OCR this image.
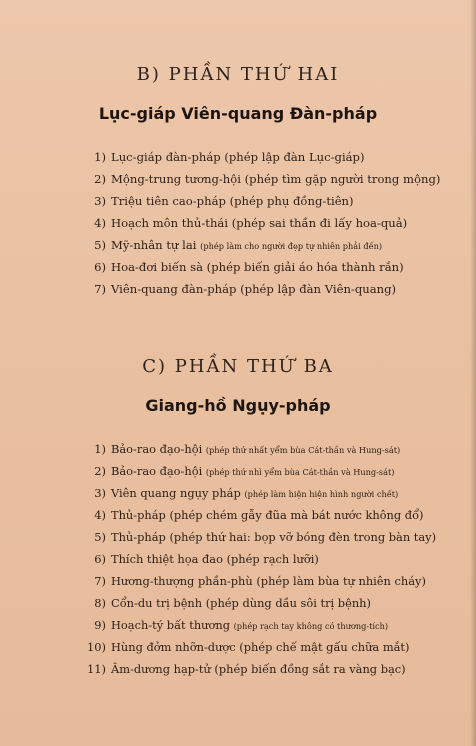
B) PHẦN THỨ HAI
Lục-giáp Viên-quang Đàn-pháp
1) Lục-giáp đàn-pháp (phép lập đàn Lục-giáp)
2) Mộng-trung tương-hội (phép tìm gặp người trong mộng)
3) Triệu tiên cao-pháp (phép phụ đồng-tiên)
4) Hoạch môn thủ-thái (phép sai thần đi lấy hoa-quả)
5) Mỹ-nhân tự lai (phép làm cho người đẹp tự nhiên phải đến)
6) Hoa-đơi biến sà (phép biến giải áo hóa thành rắn)
7) Viên-quang đàn-pháp (phép lập đàn Viên-quang)
C) PHẦN THỨ BA
Giang-hồ Ngụy-pháp
1) Bảo-rao đạo-hội (phép thứ nhất yểm bùa Cát-thần và Hung-sát)
2) Bảo-rao đạo-hội (phép thứ nhì yểm bùa Cát-thần và Hung-sát)
3) Viên quang ngụy pháp (phép làm hiện hiện hình người chết)
4) Thủ-pháp (phép chém gẫy đũa mà bát nước không đổ)
5) Thủ-pháp (phép thứ hai: bọp vỡ bóng đèn trong bàn tay)
6) Thích thiệt họa đao (phép rạch lưỡi)
7) Hương-thượng phần-phù (phép làm bùa tự nhiên cháy)
8) Cổn-du trị bệnh (phép dùng dầu sôi trị bệnh)
9) Hoạch-tý bất thương (phép rạch tay không có thương-tích)
10) Hùng đởm nhỡn-dược (phép chế mật gấu chữa mắt)
11) Âm-dương hạp-tử (phép biến đồng sắt ra vàng bạc)
